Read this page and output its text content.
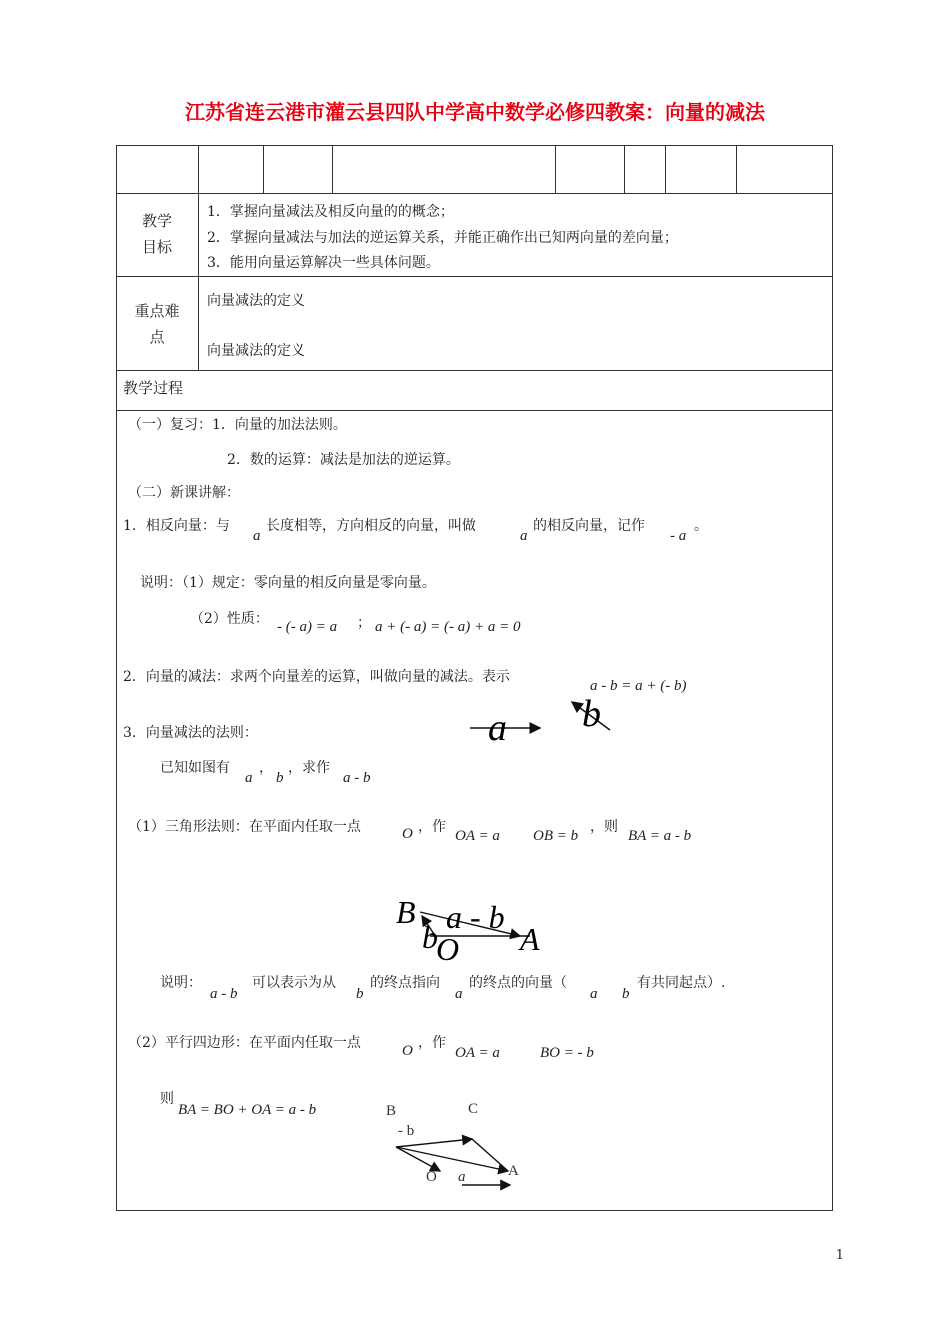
江苏省连云港市灌云县四队中学高中数学必修四教案：向量的减法
教学
目标
1．掌握向量减法及相反向量的的概念；
2．掌握向量减法与加法的逆运算关系，并能正确作出已知两向量的差向量；
3．能用向量运算解决一些具体问题。
重点难
点
向量减法的定义
向量减法的定义
教学过程
（一）复习：1．向量的加法法则。
2．数的运算：减法是加法的逆运算。
（二）新课讲解：
1．相反向量：与
a
长度相等，方向相反的向量，叫做
a
的相反向量，记作
- a
。
说明：（1）规定：零向量的相反向量是零向量。
（2）性质： - (- a) = a ； a + (- a) = (- a) + a = 0
2．向量的减法：求两个向量差的运算，叫做向量的减法。表示
a - b = a + (- b)
3．向量减法的法则：	a b
已知如图有
a
，
b
，求作
a - b
（1）三角形法则：在平面内任取一点	O ，作
OA = a OB = b
，则
BA = a - b
B a - b
b
O A
说明：
a - b
可以表示为从
b
的终点指向
a
的终点的向量（
a b
有共同起点）.
（2）平行四边形：在平面内任取一点	O ，作
OA = a	BO = - b
则
BA = BO + OA = a - b	B	C
- b
A
O a
1
